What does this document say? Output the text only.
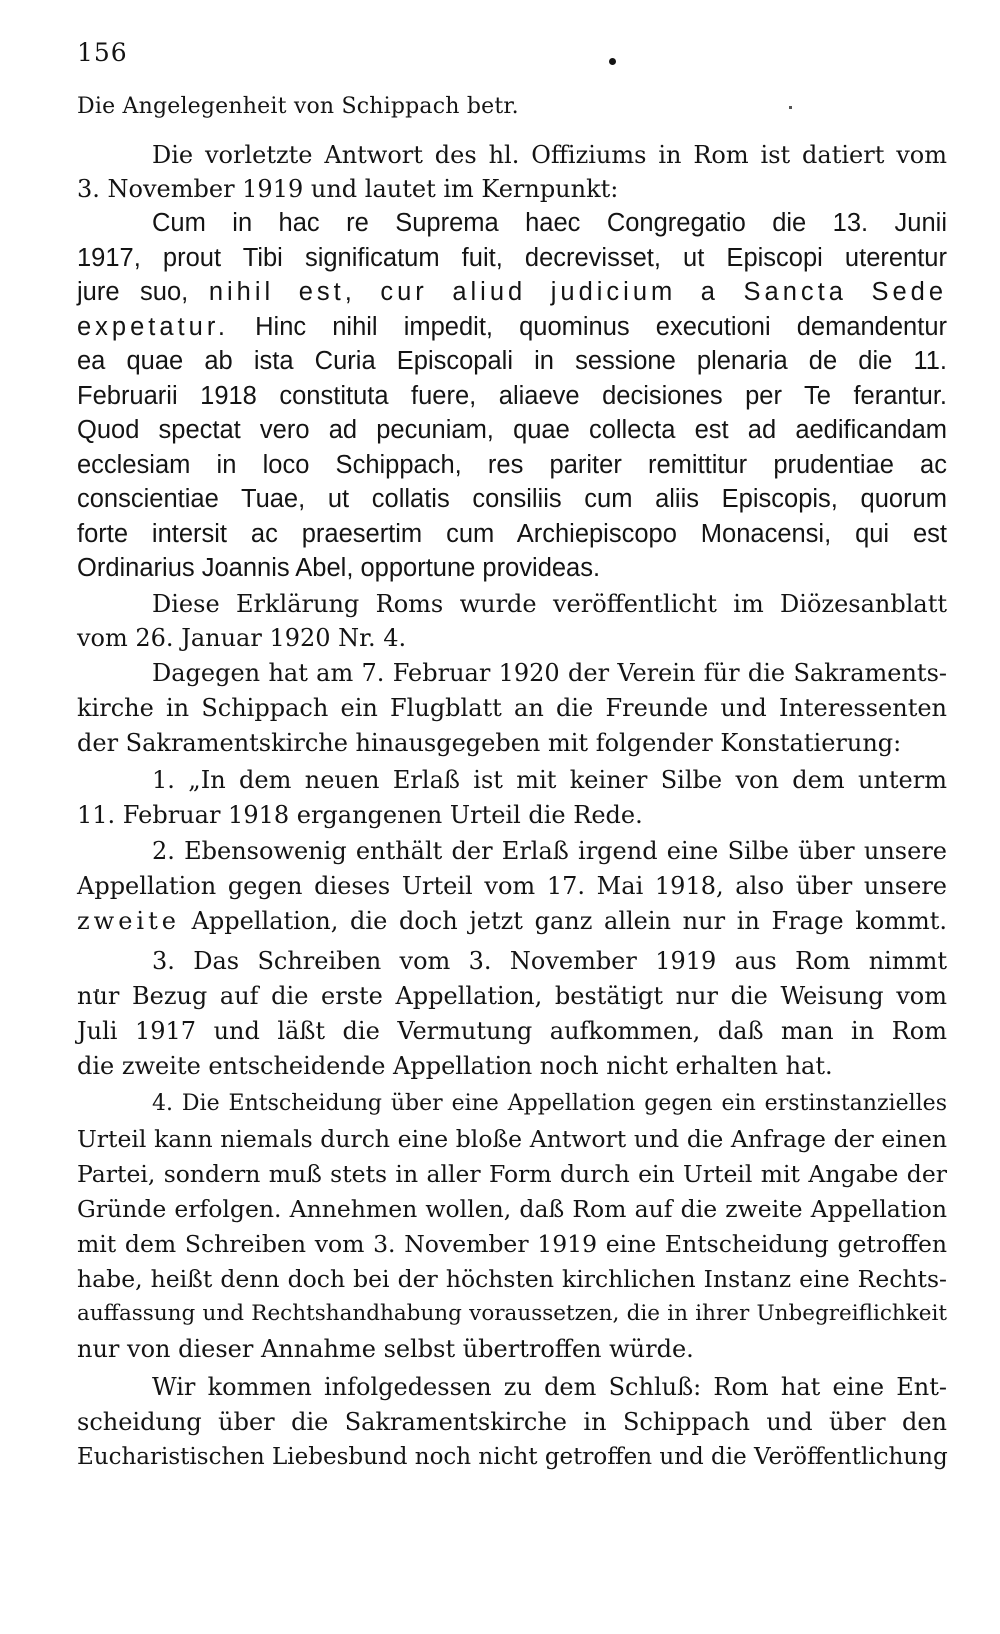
156
Die Angelegenheit von Schippach betr.
Die vorletzte Antwort des hl. Offiziums in Rom ist datiert vom
3. November 1919 und lautet im Kernpunkt:
Cum in hac re Suprema haec Congregatio die 13. Junii
1917, prout Tibi significatum fuit, decrevisset, ut Episcopi uterentur
jure suo, nihil est, cur aliud judicium a Sancta Sede
expetatur. Hinc nihil impedit, quominus executioni demandentur
ea quae ab ista Curia Episcopali in sessione plenaria de die 11.
Februarii 1918 constituta fuere, aliaeve decisiones per Te ferantur.
Quod spectat vero ad pecuniam, quae collecta est ad aedificandam
ecclesiam in loco Schippach, res pariter remittitur prudentiae ac
conscientiae Tuae, ut collatis consiliis cum aliis Episcopis, quorum
forte intersit ac praesertim cum Archiepiscopo Monacensi, qui est
Ordinarius Joannis Abel, opportune provideas.
Diese Erklärung Roms wurde veröffentlicht im Diözesanblatt
vom 26. Januar 1920 Nr. 4.
Dagegen hat am 7. Februar 1920 der Verein für die Sakraments-
kirche in Schippach ein Flugblatt an die Freunde und Interessenten
der Sakramentskirche hinausgegeben mit folgender Konstatierung:
1. „In dem neuen Erlaß ist mit keiner Silbe von dem unterm
11. Februar 1918 ergangenen Urteil die Rede.
2. Ebensowenig enthält der Erlaß irgend eine Silbe über unsere
Appellation gegen dieses Urteil vom 17. Mai 1918, also über unsere
zweite Appellation, die doch jetzt ganz allein nur in Frage kommt.
3. Das Schreiben vom 3. November 1919 aus Rom nimmt
nur Bezug auf die erste Appellation, bestätigt nur die Weisung vom
Juli 1917 und läßt die Vermutung aufkommen, daß man in Rom
die zweite entscheidende Appellation noch nicht erhalten hat.
4. Die Entscheidung über eine Appellation gegen ein erstinstanzielles
Urteil kann niemals durch eine bloße Antwort und die Anfrage der einen
Partei, sondern muß stets in aller Form durch ein Urteil mit Angabe der
Gründe erfolgen. Annehmen wollen, daß Rom auf die zweite Appellation
mit dem Schreiben vom 3. November 1919 eine Entscheidung getroffen
habe, heißt denn doch bei der höchsten kirchlichen Instanz eine Rechts-
auffassung und Rechtshandhabung voraussetzen, die in ihrer Unbegreiflichkeit
nur von dieser Annahme selbst übertroffen würde.
Wir kommen infolgedessen zu dem Schluß: Rom hat eine Ent-
scheidung über die Sakramentskirche in Schippach und über den
Eucharistischen Liebesbund noch nicht getroffen und die Veröffentlichung
